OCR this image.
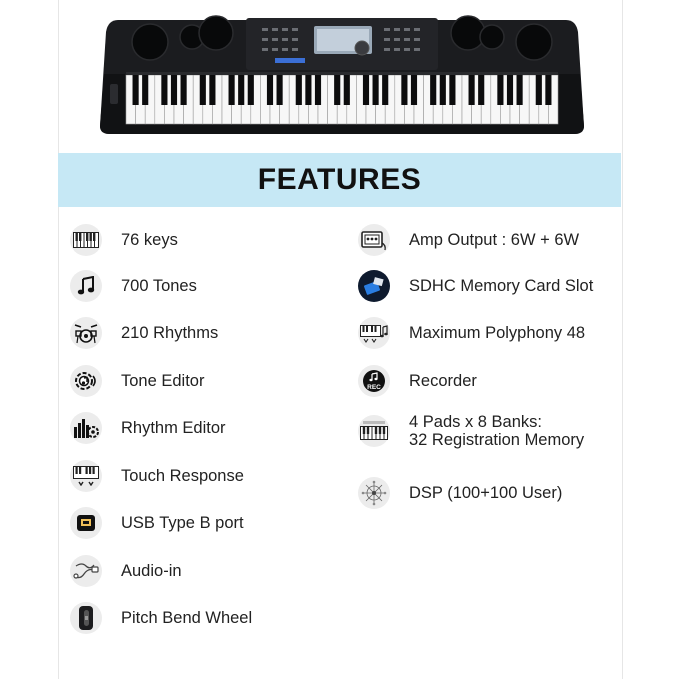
FEATURES
76 keys
700 Tones
210 Rhythms
Tone Editor
Rhythm Editor
Touch Response
USB Type B port
Audio-in
Pitch Bend Wheel
Amp Output : 6W + 6W
SDHC Memory Card Slot
Maximum Polyphony 48
REC Recorder
4 Pads x 8 Banks:
32 Registration Memory
DSP (100+100 User)
